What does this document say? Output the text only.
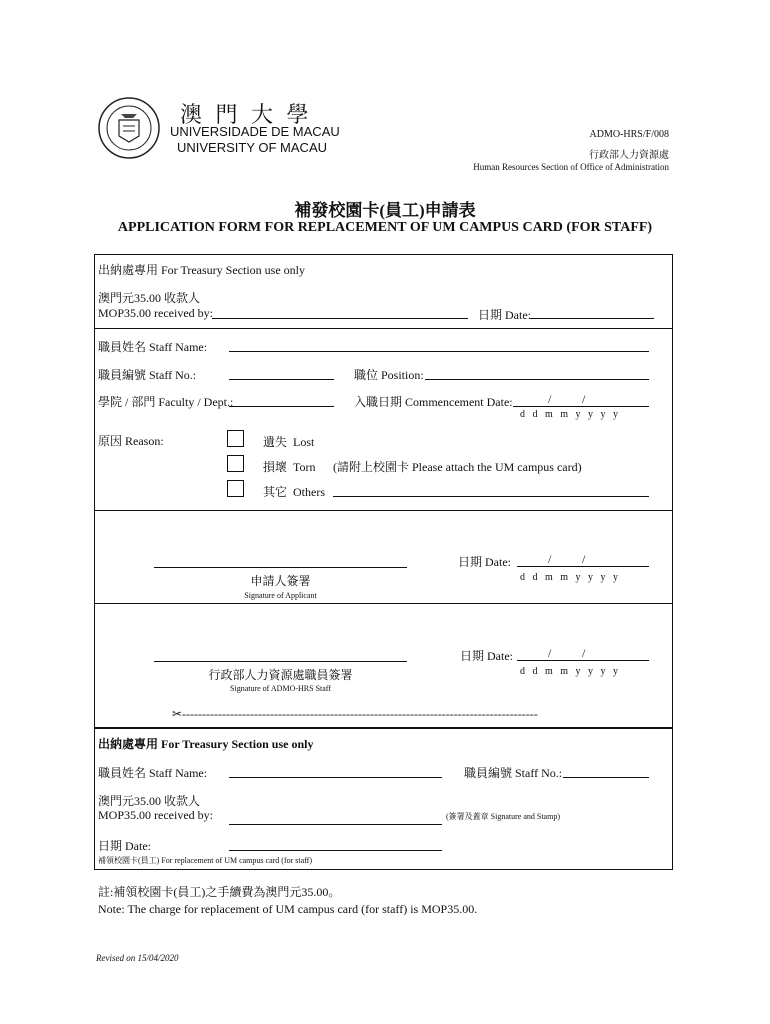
澳 門 大 學
UNIVERSIDADE DE MACAU
UNIVERSITY OF MACAU
ADMO-HRS/F/008
行政部人力資源處
Human Resources Section of Office of Administration
補發校園卡(員工)申請表
APPLICATION FORM FOR REPLACEMENT OF UM CAMPUS CARD (FOR STAFF)
出納處專用 For Treasury Section use only
澳門元35.00 收款人
MOP35.00 received by:	日期 Date:
職員姓名 Staff Name:
職員編號 Staff No.:	職位 Position:
學院 / 部門 Faculty / Dept.:	入職日期 Commencement Date:	/	/
d   d   m   m   y   y   y   y
原因 Reason:	遺失  Lost
損壞  Torn (請附上校園卡 Please attach the UM campus card)
其它  Others
申請人簽署
Signature of Applicant
日期 Date:	/	/
d   d   m   m   y   y   y   y
行政部人力資源處職員簽署
Signature of ADMO-HRS Staff
日期 Date:	/	/
d   d   m   m   y   y   y   y
✂-----------------------------------------------------------------------------------------
出納處專用 For Treasury Section use only
職員姓名 Staff Name:	職員編號 Staff No.:
澳門元35.00 收款人
MOP35.00 received by:	(簽署及蓋章 Signature and Stamp)
日期 Date:
補領校園卡(員工) For replacement of UM campus card (for staff)
註:補領校園卡(員工)之手續費為澳門元35.00。
Note: The charge for replacement of UM campus card (for staff) is MOP35.00.
Revised on 15/04/2020
